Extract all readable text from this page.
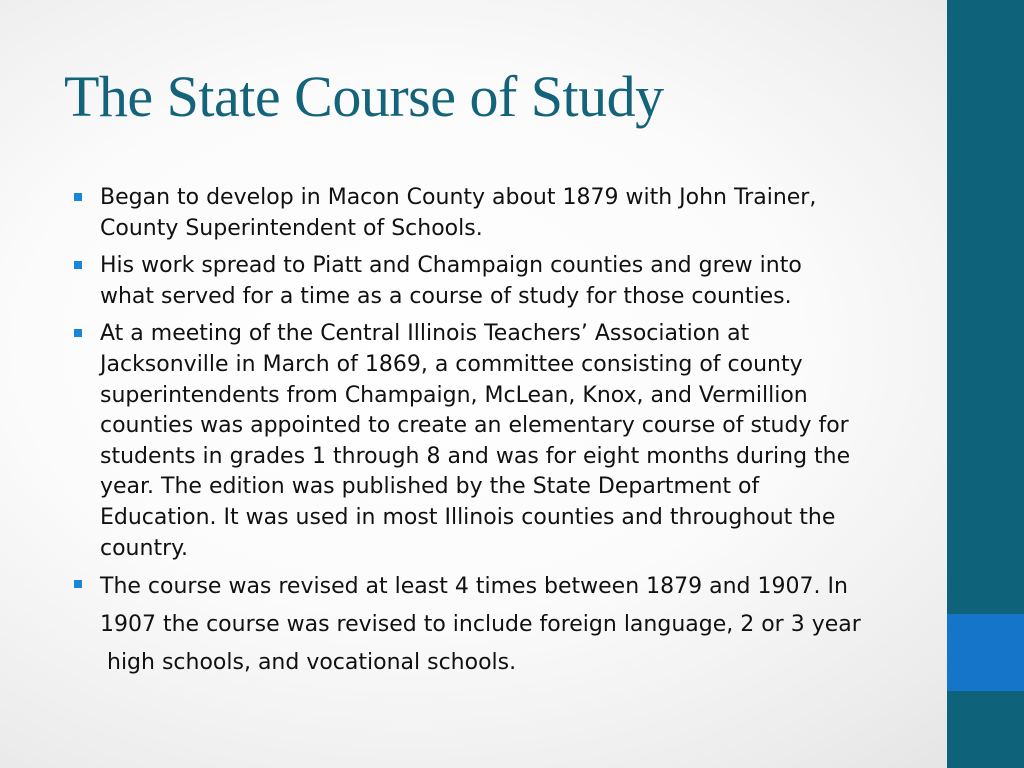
The State Course of Study
Began to develop in Macon County about 1879 with John Trainer,
County Superintendent of Schools.
His work spread to Piatt and Champaign counties and grew into
what served for a time as a course of study for those counties.
At a meeting of the Central Illinois Teachers’ Association at
Jacksonville in March of 1869, a committee consisting of county
superintendents from Champaign, McLean, Knox, and Vermillion
counties was appointed to create an elementary course of study for
students in grades 1 through 8 and was for eight months during the
year. The edition was published by the State Department of
Education. It was used in most Illinois counties and throughout the
country.
The course was revised at least 4 times between 1879 and 1907. In
1907 the course was revised to include foreign language, 2 or 3 year
high schools, and vocational schools.
